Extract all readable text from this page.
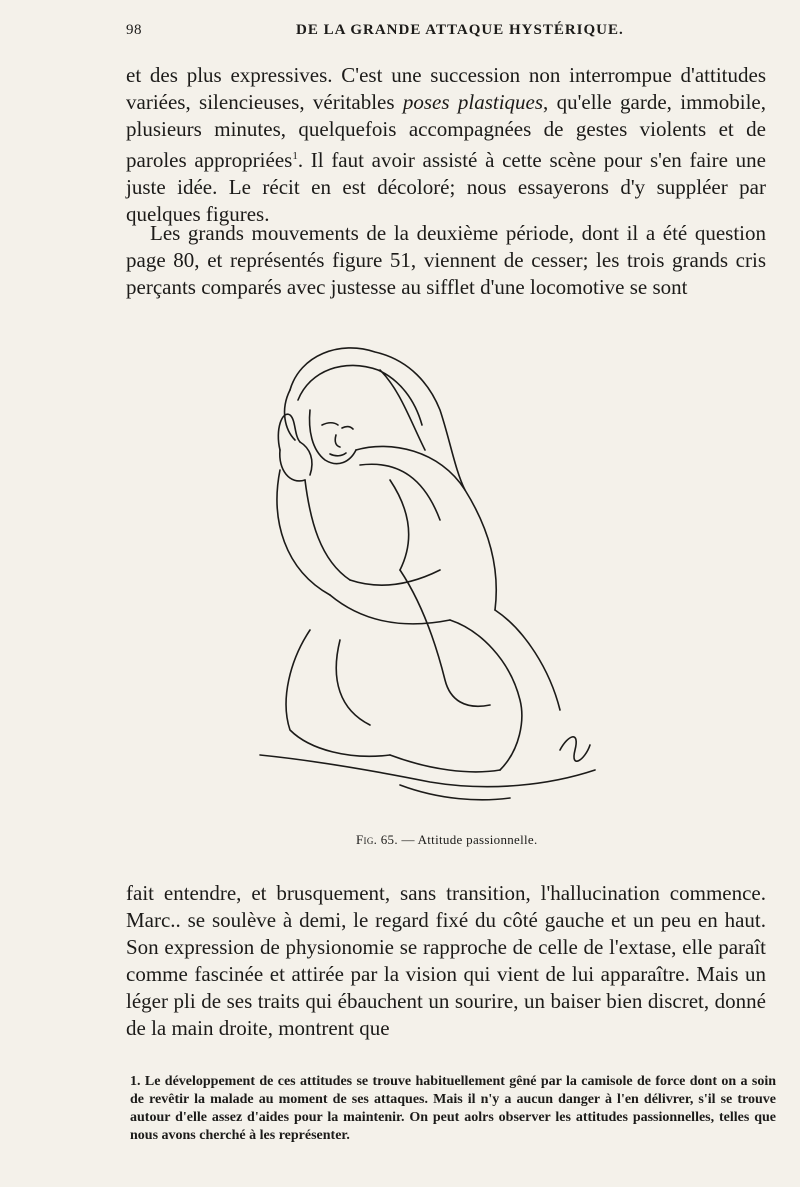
98	DE LA GRANDE ATTAQUE HYSTÉRIQUE.
et des plus expressives. C'est une succession non interrompue d'attitudes variées, silencieuses, véritables poses plastiques, qu'elle garde, immobile, plusieurs minutes, quelquefois accompagnées de gestes violents et de paroles appropriées$^1$. Il faut avoir assisté à cette scène pour s'en faire une juste idée. Le récit en est décoloré; nous essayerons d'y suppléer par quelques figures.
Les grands mouvements de la deuxième période, dont il a été question page 80, et représentés figure 51, viennent de cesser; les trois grands cris perçants comparés avec justesse au sifflet d'une locomotive se sont
Fig. 65. — Attitude passionnelle.
fait entendre, et brusquement, sans transition, l'hallucination commence. Marc.. se soulève à demi, le regard fixé du côté gauche et un peu en haut. Son expression de physionomie se rapproche de celle de l'extase, elle paraît comme fascinée et attirée par la vision qui vient de lui apparaître. Mais un léger pli de ses traits qui ébauchent un sourire, un baiser bien discret, donné de la main droite, montrent que
1. Le développement de ces attitudes se trouve habituellement gêné par la camisole de force dont on a soin de revêtir la malade au moment de ses attaques. Mais il n'y a aucun danger à l'en délivrer, s'il se trouve autour d'elle assez d'aides pour la maintenir. On peut aolrs observer les attitudes passionnelles, telles que nous avons cherché à les représenter.
